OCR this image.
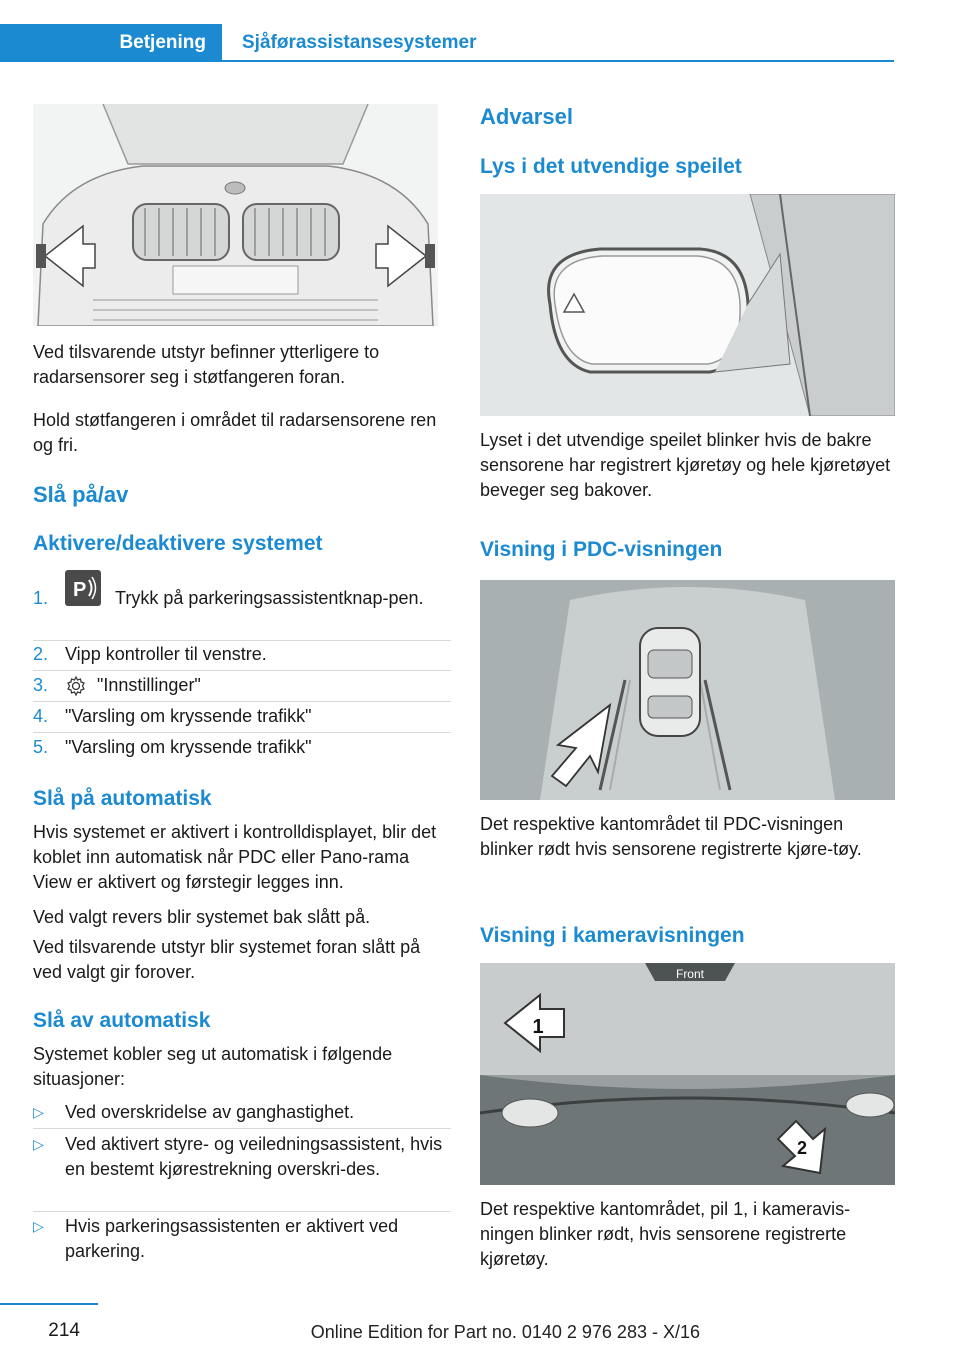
Betjening	Sjåførassistansesystemer

Ved tilsvarende utstyr befinner ytterligere to radarsensorer seg i støtfangeren foran.

Hold støtfangeren i området til radarsensorene ren og fri.

Slå på/av
Aktivere/deaktivere systemet
1. P Trykk på parkeringsassistentknap‐pen.
2. Vipp kontroller til venstre.
3.	"Innstillinger"
4. "Varsling om kryssende trafikk"
5. "Varsling om kryssende trafikk"
Slå på automatisk

Hvis systemet er aktivert i kontrolldisplayet, blir det koblet inn automatisk når PDC eller Pano‐rama View er aktivert og førstegir legges inn.

Ved valgt revers blir systemet bak slått på.

Ved tilsvarende utstyr blir systemet foran slått på ved valgt gir forover.

Slå av automatisk

Systemet kobler seg ut automatisk i følgende situasjoner:

▷ Ved overskridelse av ganghastighet.
▷ Ved aktivert styre- og veiledningsassistent, hvis en bestemt kjørestrekning overskri‐des.
▷ Hvis parkeringsassistenten er aktivert ved parkering.
Advarsel
Lys i det utvendige speilet

Lyset i det utvendige speilet blinker hvis de bakre sensorene har registrert kjøretøy og hele kjøretøyet beveger seg bakover.

Visning i PDC-visningen

Det respektive kantområdet til PDC-visningen blinker rødt hvis sensorene registrerte kjøre‐tøy.

Visning i kameravisningen
Front
1
2

Det respektive kantområdet, pil 1, i kameravis‐ningen blinker rødt, hvis sensorene registrerte kjøretøy.

214	Online Edition for Part no. 0140 2 976 283 - X/16
